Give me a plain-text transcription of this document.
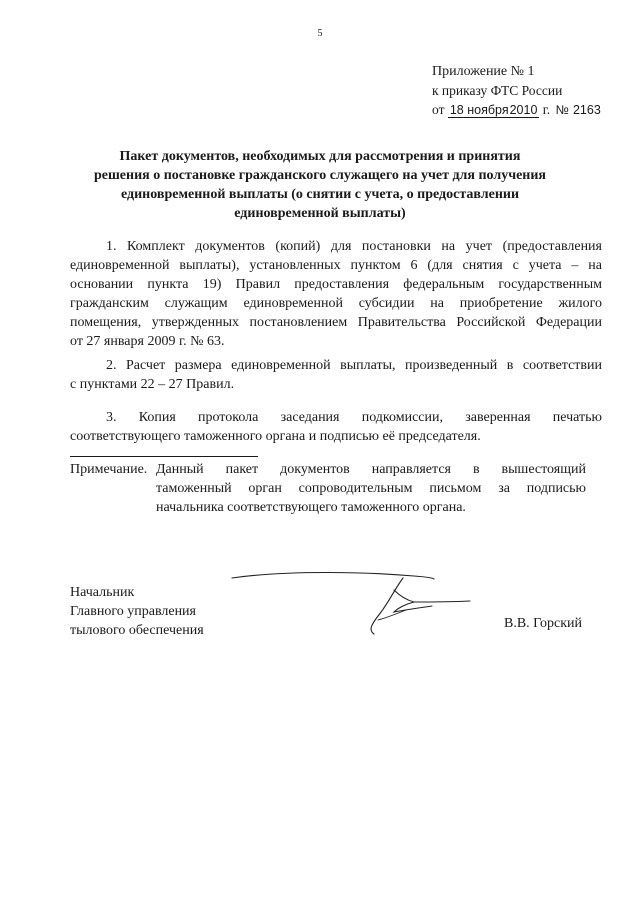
5
Приложение № 1
к приказу ФТС России
от 18 ноября2010 г. № 2163
Пакет документов, необходимых для рассмотрения и принятия
решения о постановке гражданского служащего на учет для получения
единовременной выплаты (о снятии с учета, о предоставлении
единовременной выплаты)
1. Комплект документов (копий) для постановки на учет (предоставления
единовременной выплаты), установленных пунктом 6 (для снятия с учета – на
основании пункта 19) Правил предоставления федеральным государственным
гражданским служащим единовременной субсидии на приобретение жилого
помещения, утвержденных постановлением Правительства Российской Федерации
от 27 января 2009 г. № 63.
2. Расчет размера единовременной выплаты, произведенный в соответствии
с пунктами 22 – 27 Правил.
3. Копия протокола заседания подкомиссии, заверенная печатью
соответствующего таможенного органа и подписью её председателя.
Примечание. Данный пакет документов направляется в вышестоящий
таможенный орган сопроводительным письмом за подписью
начальника соответствующего таможенного органа.
Начальник
Главного управления
тылового обеспечения	В.В. Горский
